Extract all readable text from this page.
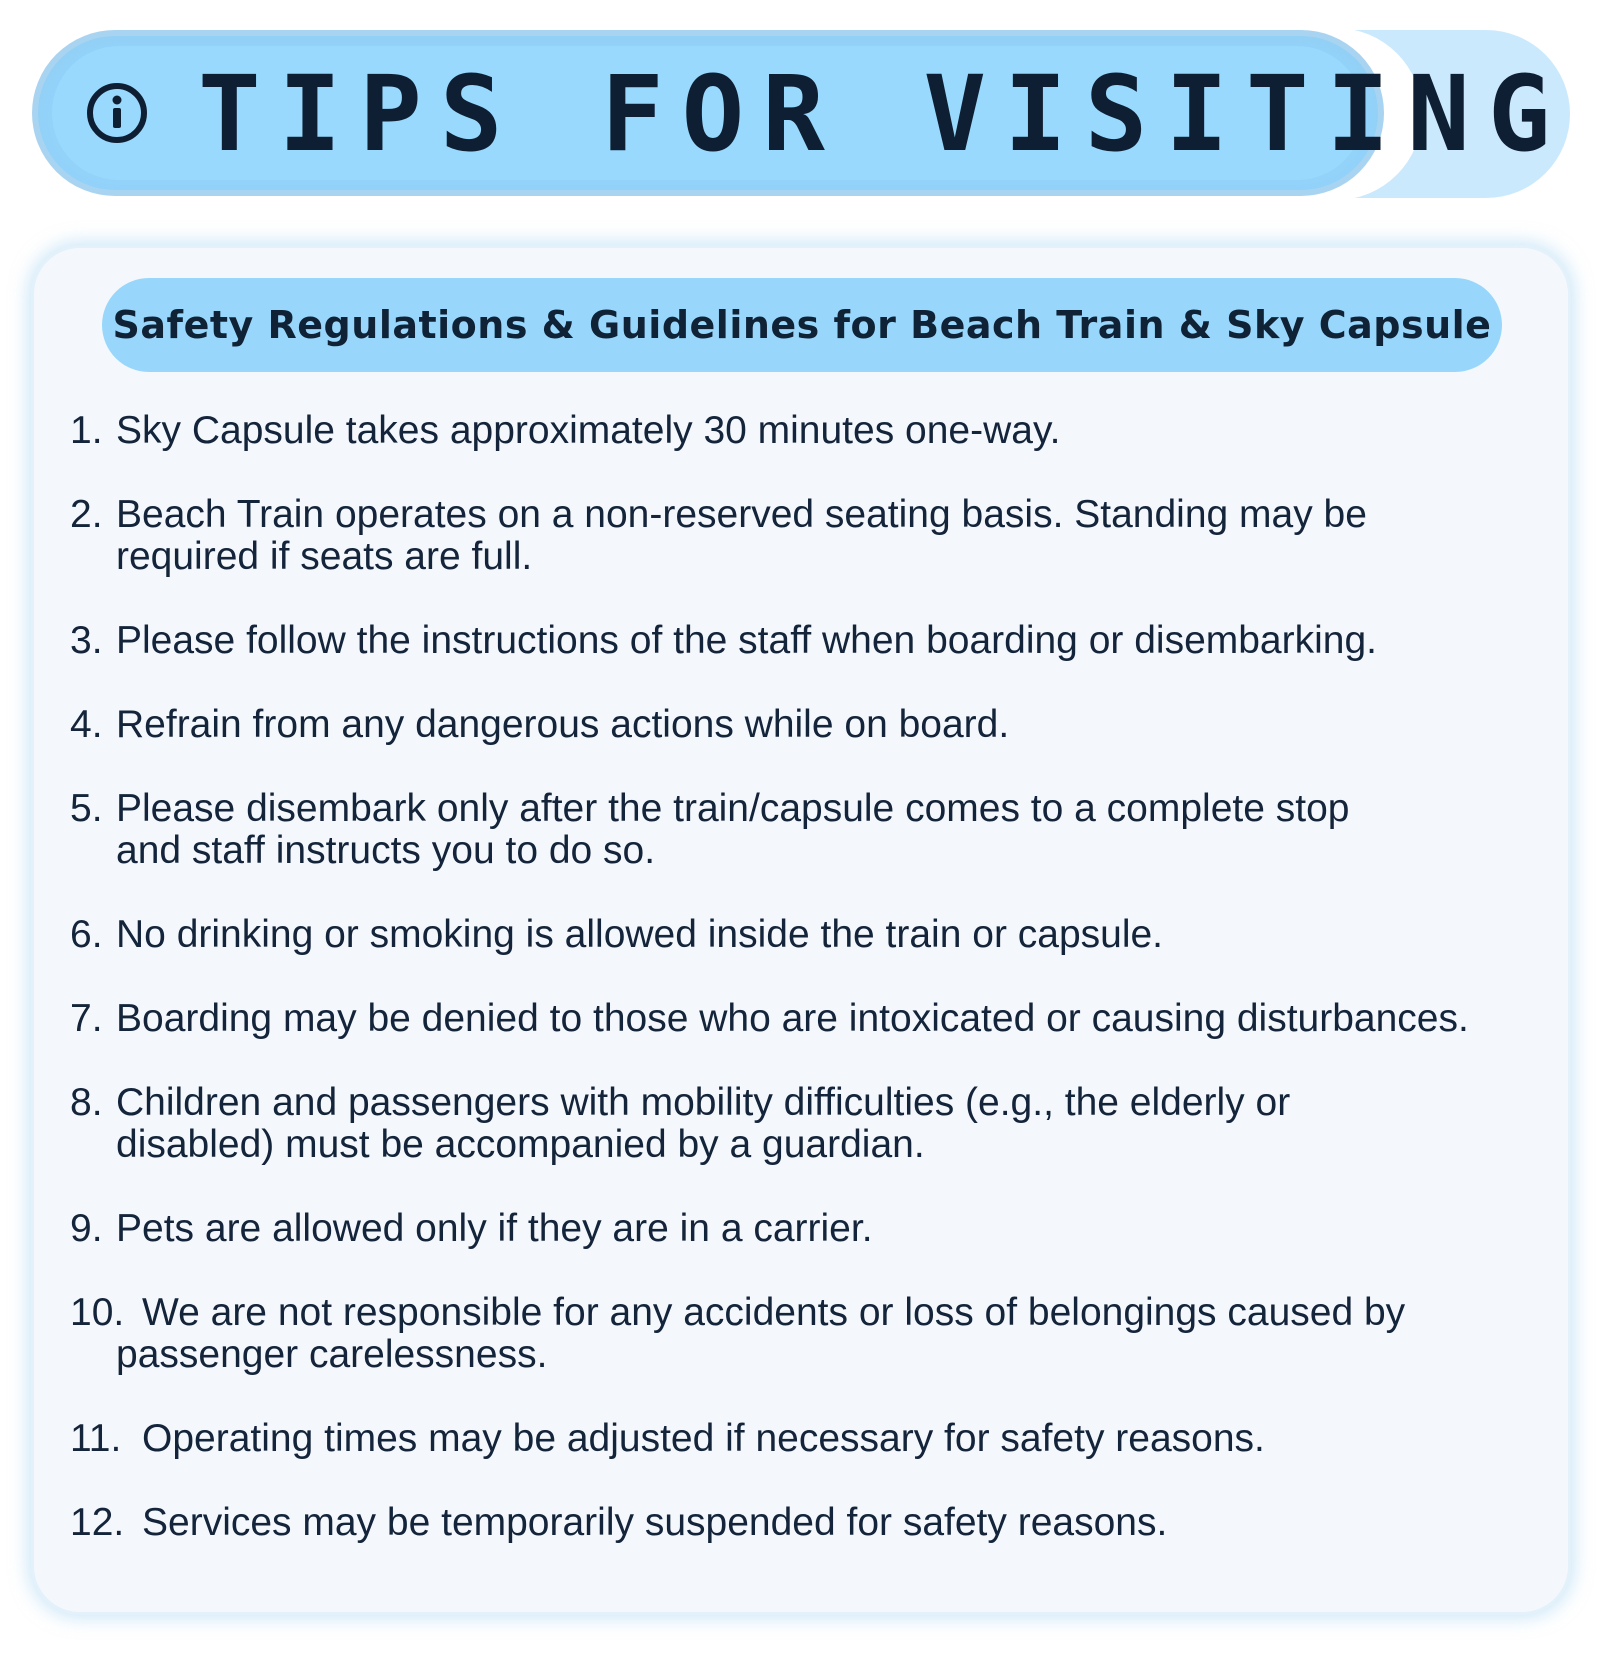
TIPS FOR VISITING
Safety Regulations & Guidelines for Beach Train & Sky Capsule
1. Sky Capsule takes approximately 30 minutes one-way.
2. Beach Train operates on a non-reserved seating basis. Standing may be
required if seats are full.
3. Please follow the instructions of the staff when boarding or disembarking.
4. Refrain from any dangerous actions while on board.
5. Please disembark only after the train/capsule comes to a complete stop
and staff instructs you to do so.
6. No drinking or smoking is allowed inside the train or capsule.
7. Boarding may be denied to those who are intoxicated or causing disturbances.
8. Children and passengers with mobility difficulties (e.g., the elderly or
disabled) must be accompanied by a guardian.
9. Pets are allowed only if they are in a carrier.
10. We are not responsible for any accidents or loss of belongings caused by
passenger carelessness.
11. Operating times may be adjusted if necessary for safety reasons.
12. Services may be temporarily suspended for safety reasons.
